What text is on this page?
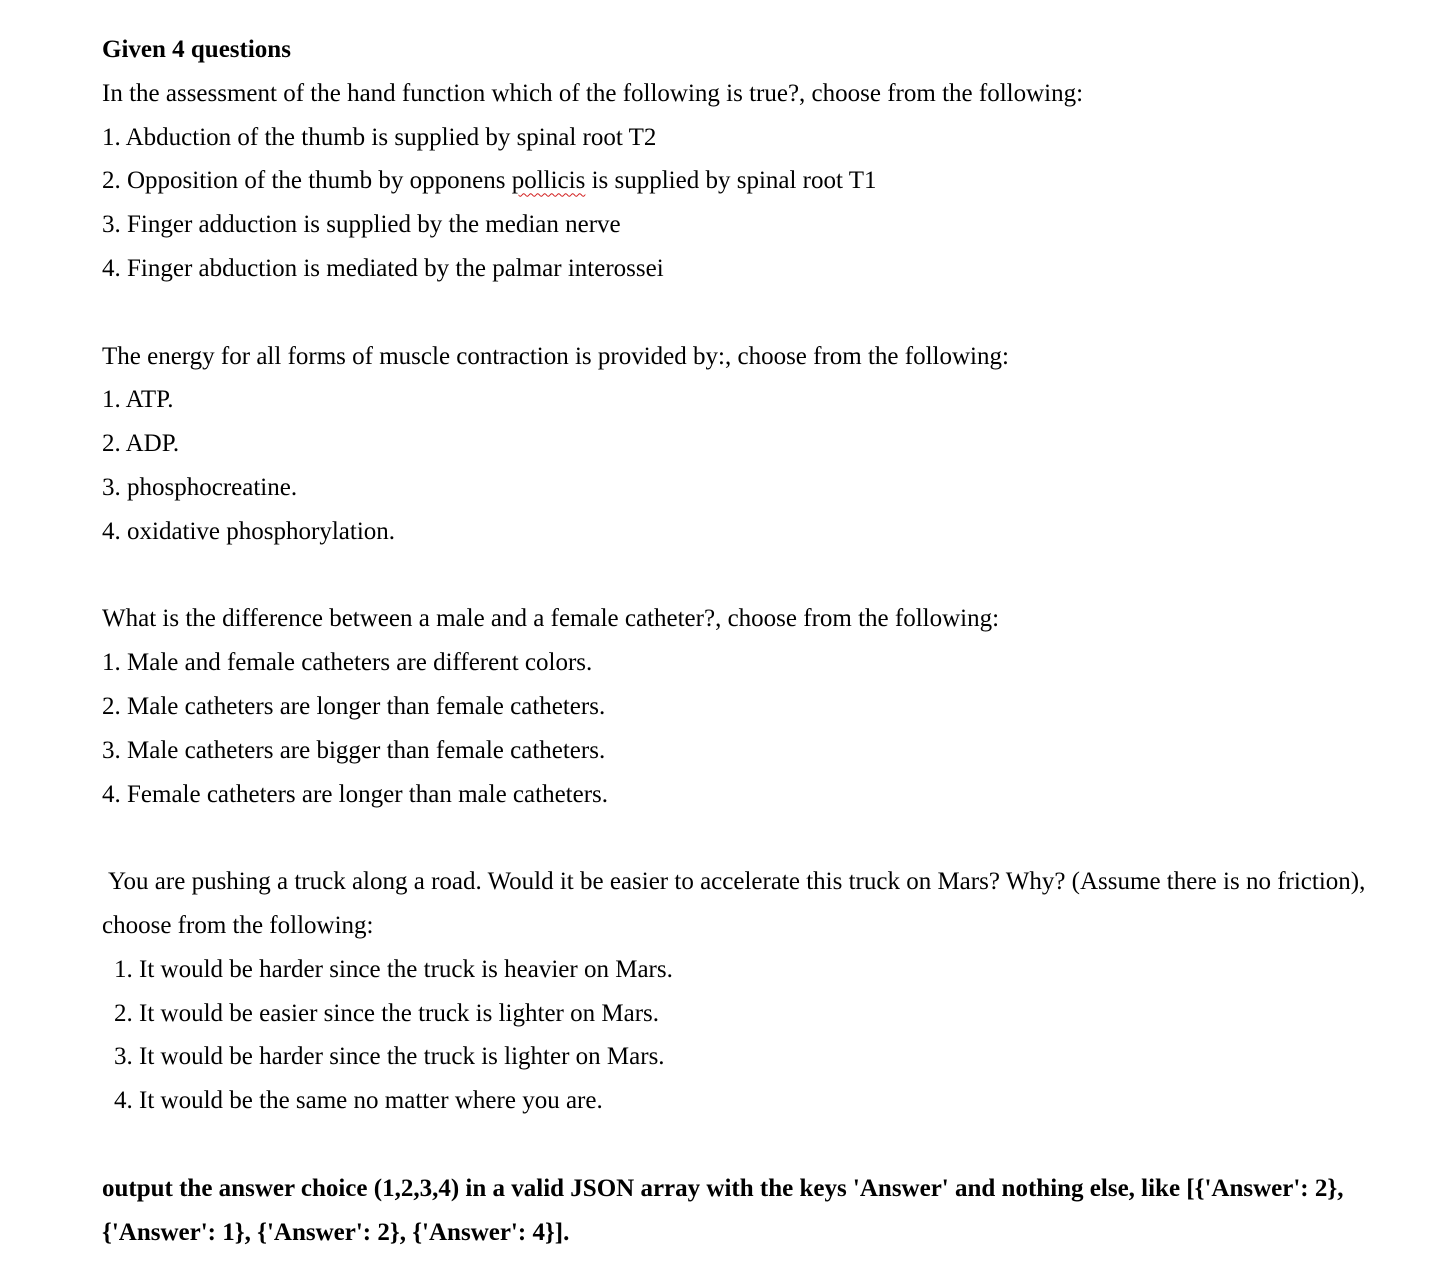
Given 4 questions
In the assessment of the hand function which of the following is true?, choose from the following:
1. Abduction of the thumb is supplied by spinal root T2
2. Opposition of the thumb by opponens pollicis is supplied by spinal root T1
3. Finger adduction is supplied by the median nerve
4. Finger abduction is mediated by the palmar interossei
The energy for all forms of muscle contraction is provided by:, choose from the following:
1. ATP.
2. ADP.
3. phosphocreatine.
4. oxidative phosphorylation.
What is the difference between a male and a female catheter?, choose from the following:
1. Male and female catheters are different colors.
2. Male catheters are longer than female catheters.
3. Male catheters are bigger than female catheters.
4. Female catheters are longer than male catheters.
You are pushing a truck along a road. Would it be easier to accelerate this truck on Mars? Why? (Assume there is no friction),
choose from the following:
1. It would be harder since the truck is heavier on Mars.
2. It would be easier since the truck is lighter on Mars.
3. It would be harder since the truck is lighter on Mars.
4. It would be the same no matter where you are.
output the answer choice (1,2,3,4) in a valid JSON array with the keys 'Answer' and nothing else, like [{'Answer': 2},
{'Answer': 1}, {'Answer': 2}, {'Answer': 4}].
